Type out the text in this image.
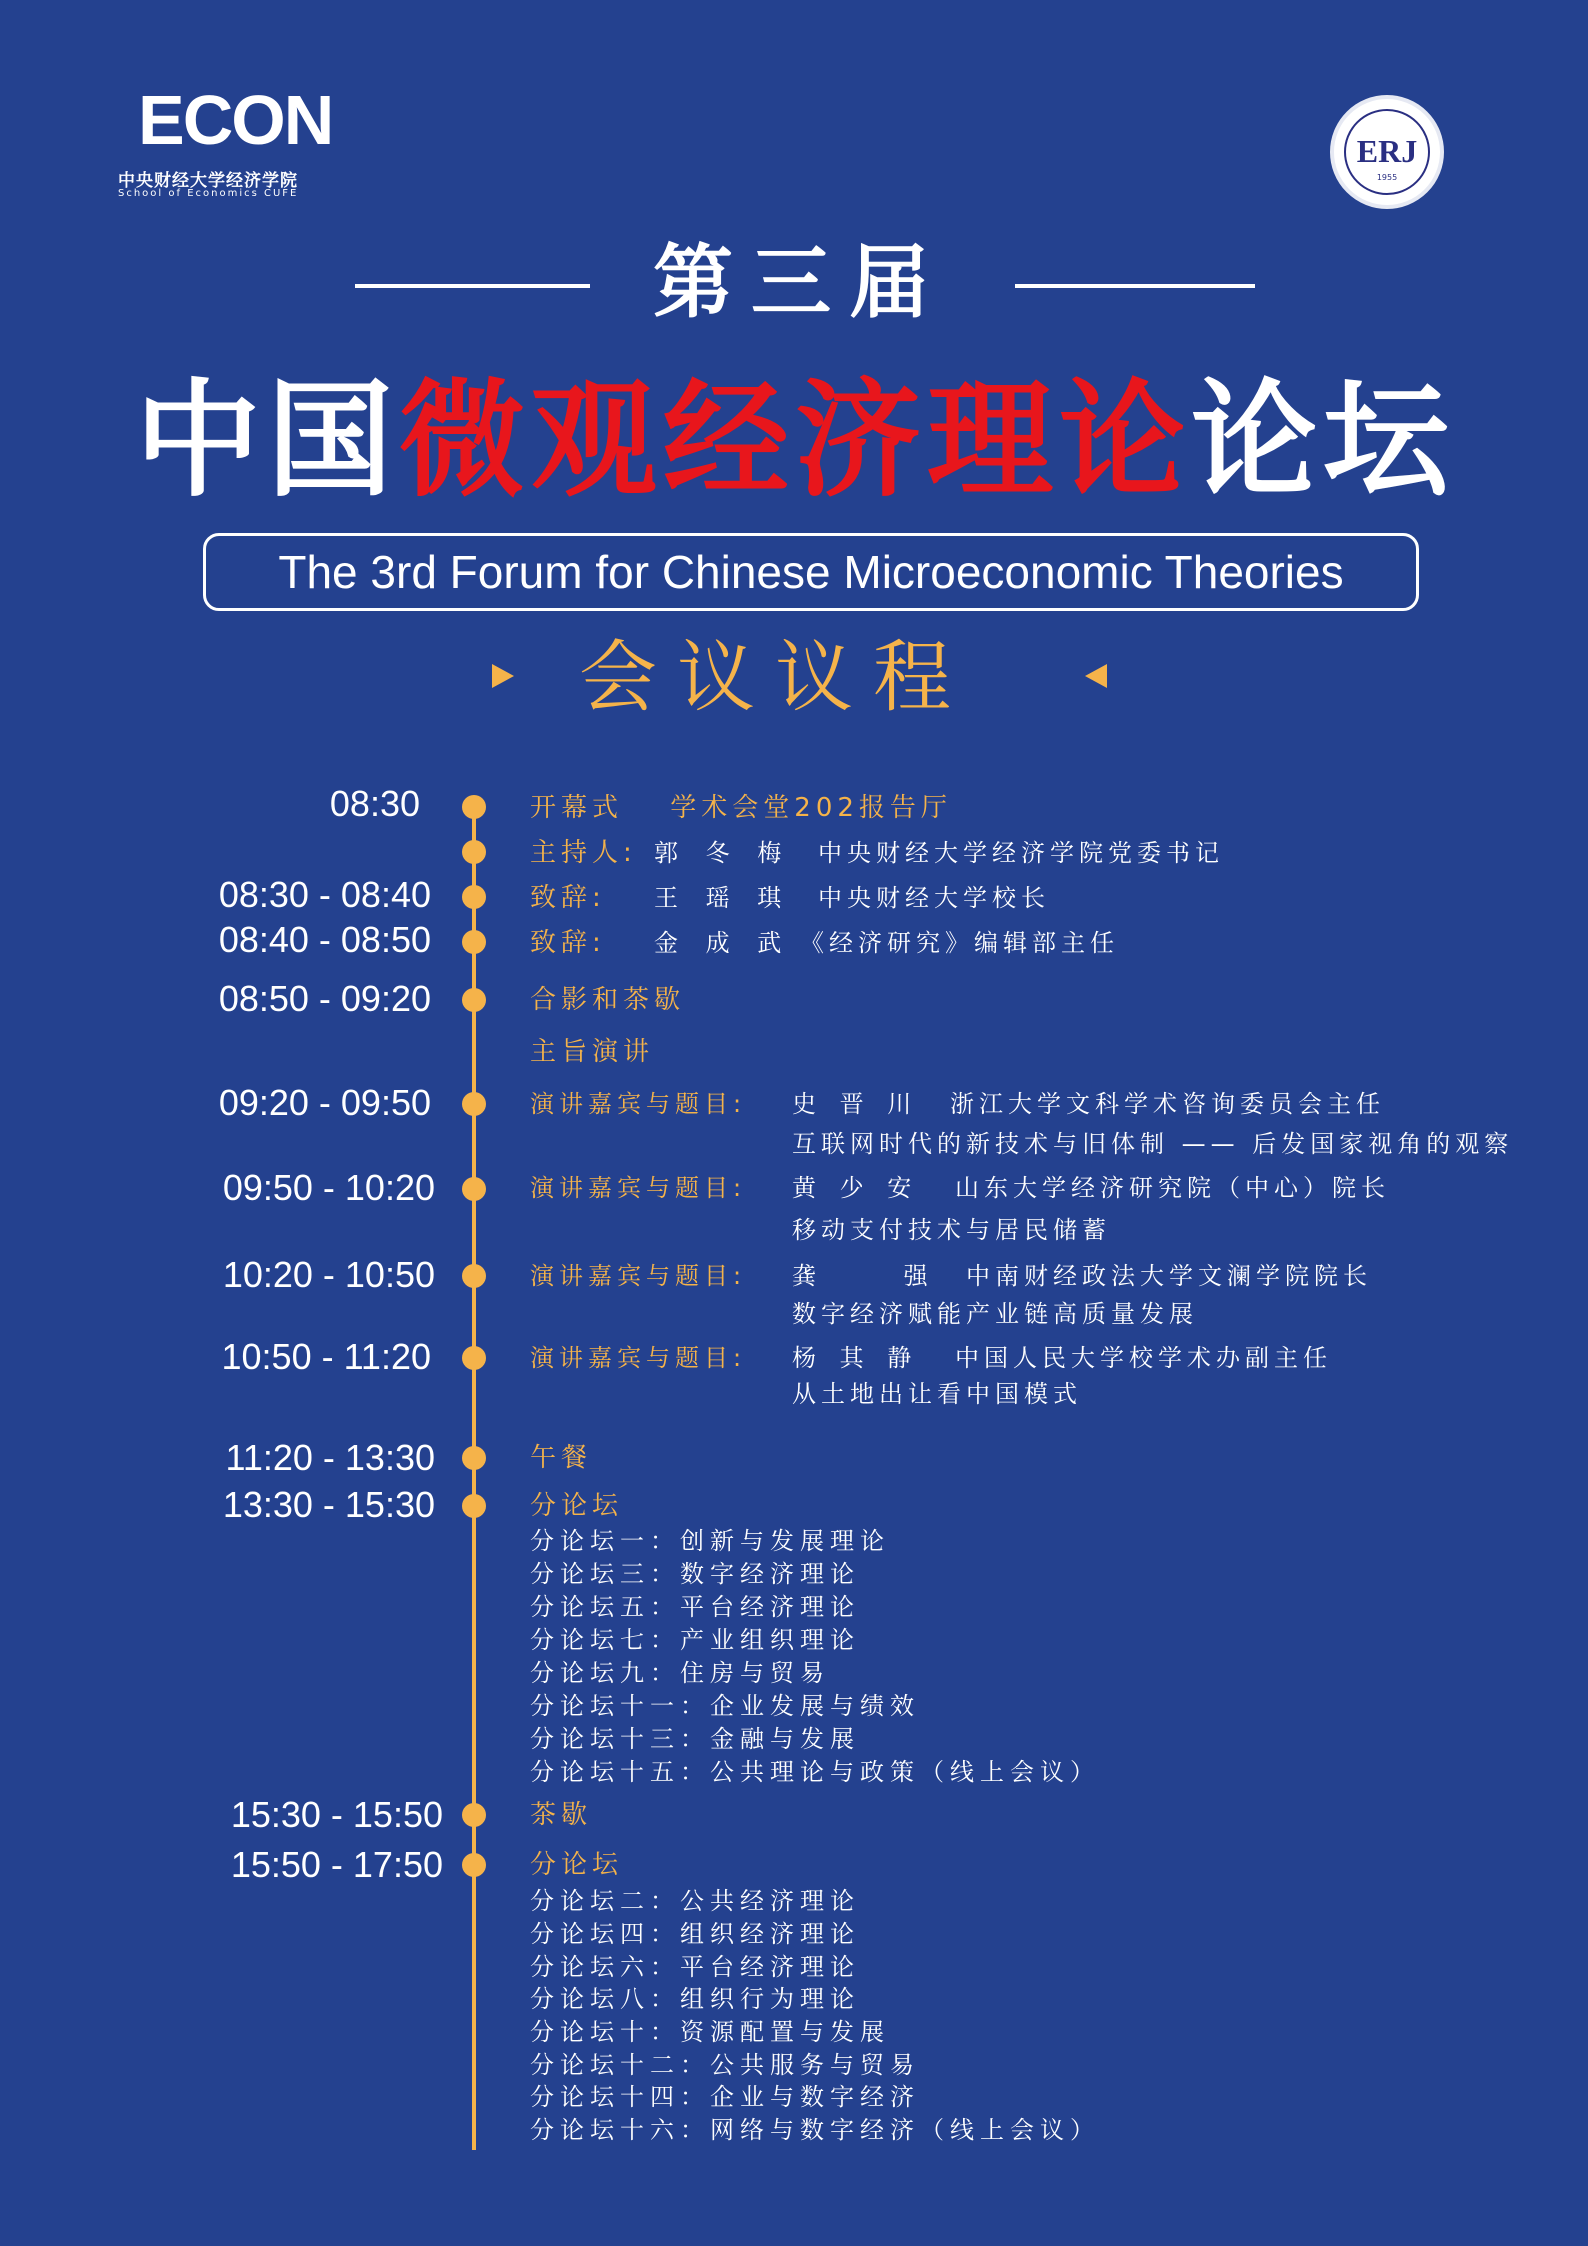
ECON
中央财经大学经济学院
School of Economics CUFE
ERJ
1955
第三届
中国微观经济理论论坛
The 3rd Forum for Chinese Microeconomic Theories
会议议程
08:30	开幕式 学术会堂202报告厅
主持人: 郭 冬 梅 中央财经大学经济学院党委书记
08:30 - 08:40	致辞: 王 瑶 琪 中央财经大学校长
08:40 - 08:50	致辞: 金 成 武 《经济研究》编辑部主任
08:50 - 09:20	合影和茶歇
主旨演讲
09:20 - 09:50	演讲嘉宾与题目: 史 晋 川 浙江大学文科学术咨询委员会主任
互联网时代的新技术与旧体制 —— 后发国家视角的观察
09:50 - 10:20	演讲嘉宾与题目: 黄 少 安 山东大学经济研究院（中心）院长
移动支付技术与居民储蓄
10:20 - 10:50	演讲嘉宾与题目: 龚 强
中南财经政法大学文澜学院院长
数字经济赋能产业链高质量发展
10:50 - 11:20	演讲嘉宾与题目: 杨 其 静 中国人民大学校学术办副主任
从土地出让看中国模式
11:20 - 13:30	午餐
13:30 - 15:30	分论坛
分论坛一：创新与发展理论
分论坛三：数字经济理论
分论坛五：平台经济理论
分论坛七：产业组织理论
分论坛九：住房与贸易
分论坛十一：企业发展与绩效
分论坛十三：金融与发展
分论坛十五：公共理论与政策（线上会议）
15:30 - 15:50	茶歇
15:50 - 17:50	分论坛
分论坛二：公共经济理论
分论坛四：组织经济理论
分论坛六：平台经济理论
分论坛八：组织行为理论
分论坛十：资源配置与发展
分论坛十二：公共服务与贸易
分论坛十四：企业与数字经济
分论坛十六：网络与数字经济（线上会议）
